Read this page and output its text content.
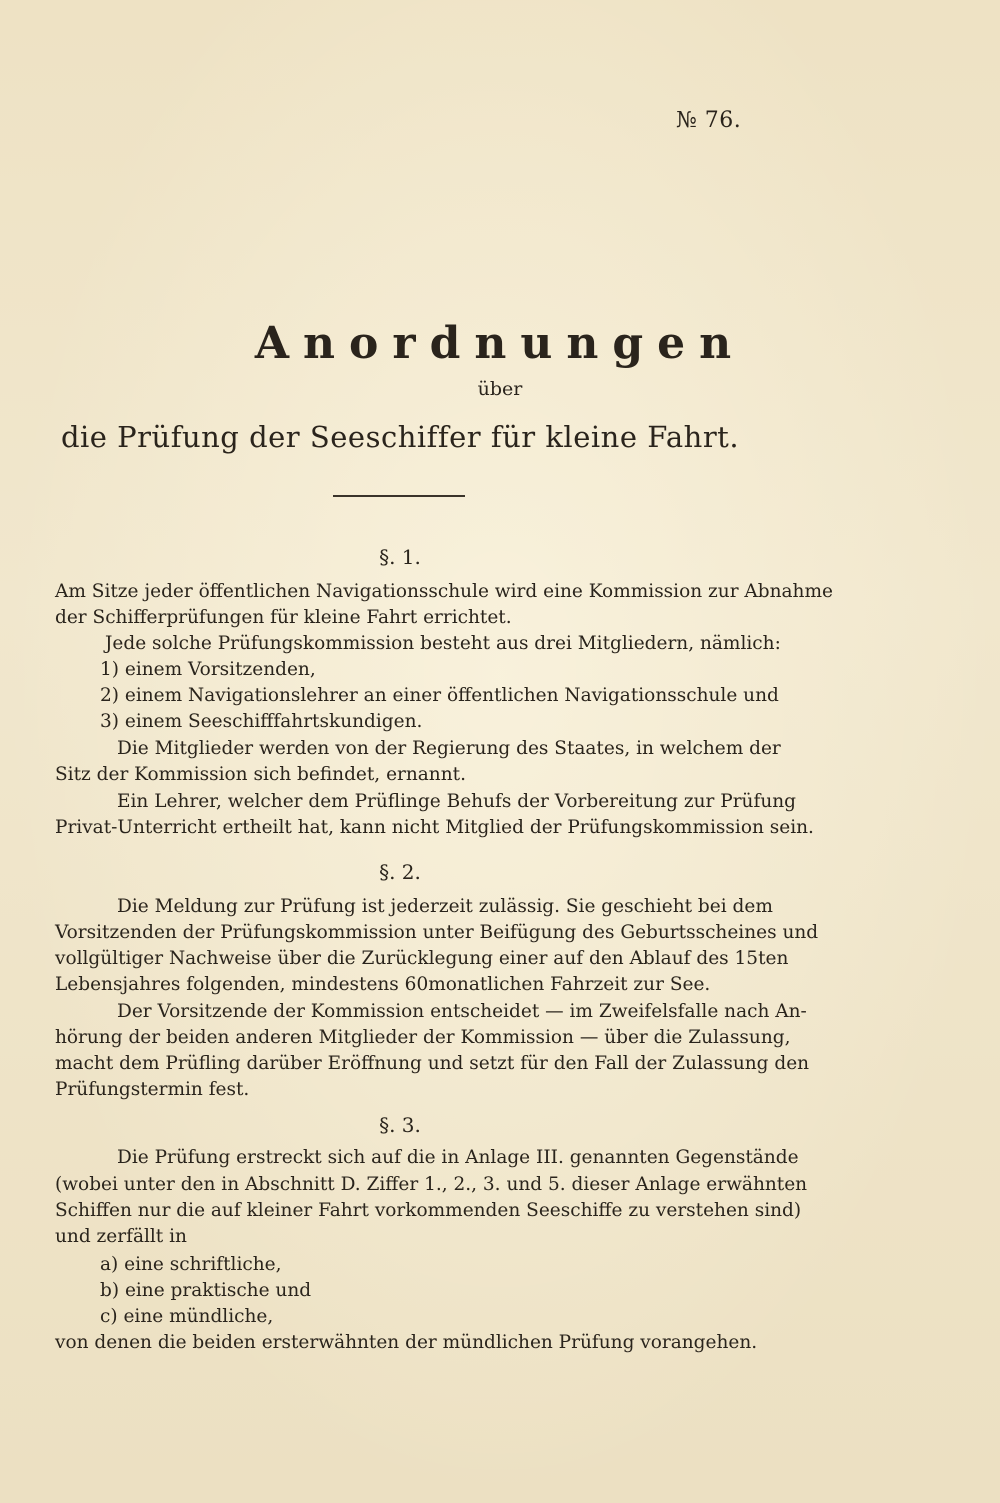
№ 76.
Anordnungen
über
die Prüfung der Seeschiffer für kleine Fahrt.
§. 1.
Am Sitze jeder öffentlichen Navigationsschule wird eine Kommission zur Abnahme
der Schifferprüfungen für kleine Fahrt errichtet.
Jede solche Prüfungskommission besteht aus drei Mitgliedern, nämlich:
1) einem Vorsitzenden,
2) einem Navigationslehrer an einer öffentlichen Navigationsschule und
3) einem Seeschifffahrtskundigen.
Die Mitglieder werden von der Regierung des Staates, in welchem der
Sitz der Kommission sich befindet, ernannt.
Ein Lehrer, welcher dem Prüflinge Behufs der Vorbereitung zur Prüfung
Privat-Unterricht ertheilt hat, kann nicht Mitglied der Prüfungskommission sein.
§. 2.
Die Meldung zur Prüfung ist jederzeit zulässig. Sie geschieht bei dem
Vorsitzenden der Prüfungskommission unter Beifügung des Geburtsscheines und
vollgültiger Nachweise über die Zurücklegung einer auf den Ablauf des 15ten
Lebensjahres folgenden, mindestens 60monatlichen Fahrzeit zur See.
Der Vorsitzende der Kommission entscheidet — im Zweifelsfalle nach An-
hörung der beiden anderen Mitglieder der Kommission — über die Zulassung,
macht dem Prüfling darüber Eröffnung und setzt für den Fall der Zulassung den
Prüfungstermin fest.
§. 3.
Die Prüfung erstreckt sich auf die in Anlage III. genannten Gegenstände
(wobei unter den in Abschnitt D. Ziffer 1., 2., 3. und 5. dieser Anlage erwähnten
Schiffen nur die auf kleiner Fahrt vorkommenden Seeschiffe zu verstehen sind)
und zerfällt in
a) eine schriftliche,
b) eine praktische und
c) eine mündliche,
von denen die beiden ersterwähnten der mündlichen Prüfung vorangehen.
